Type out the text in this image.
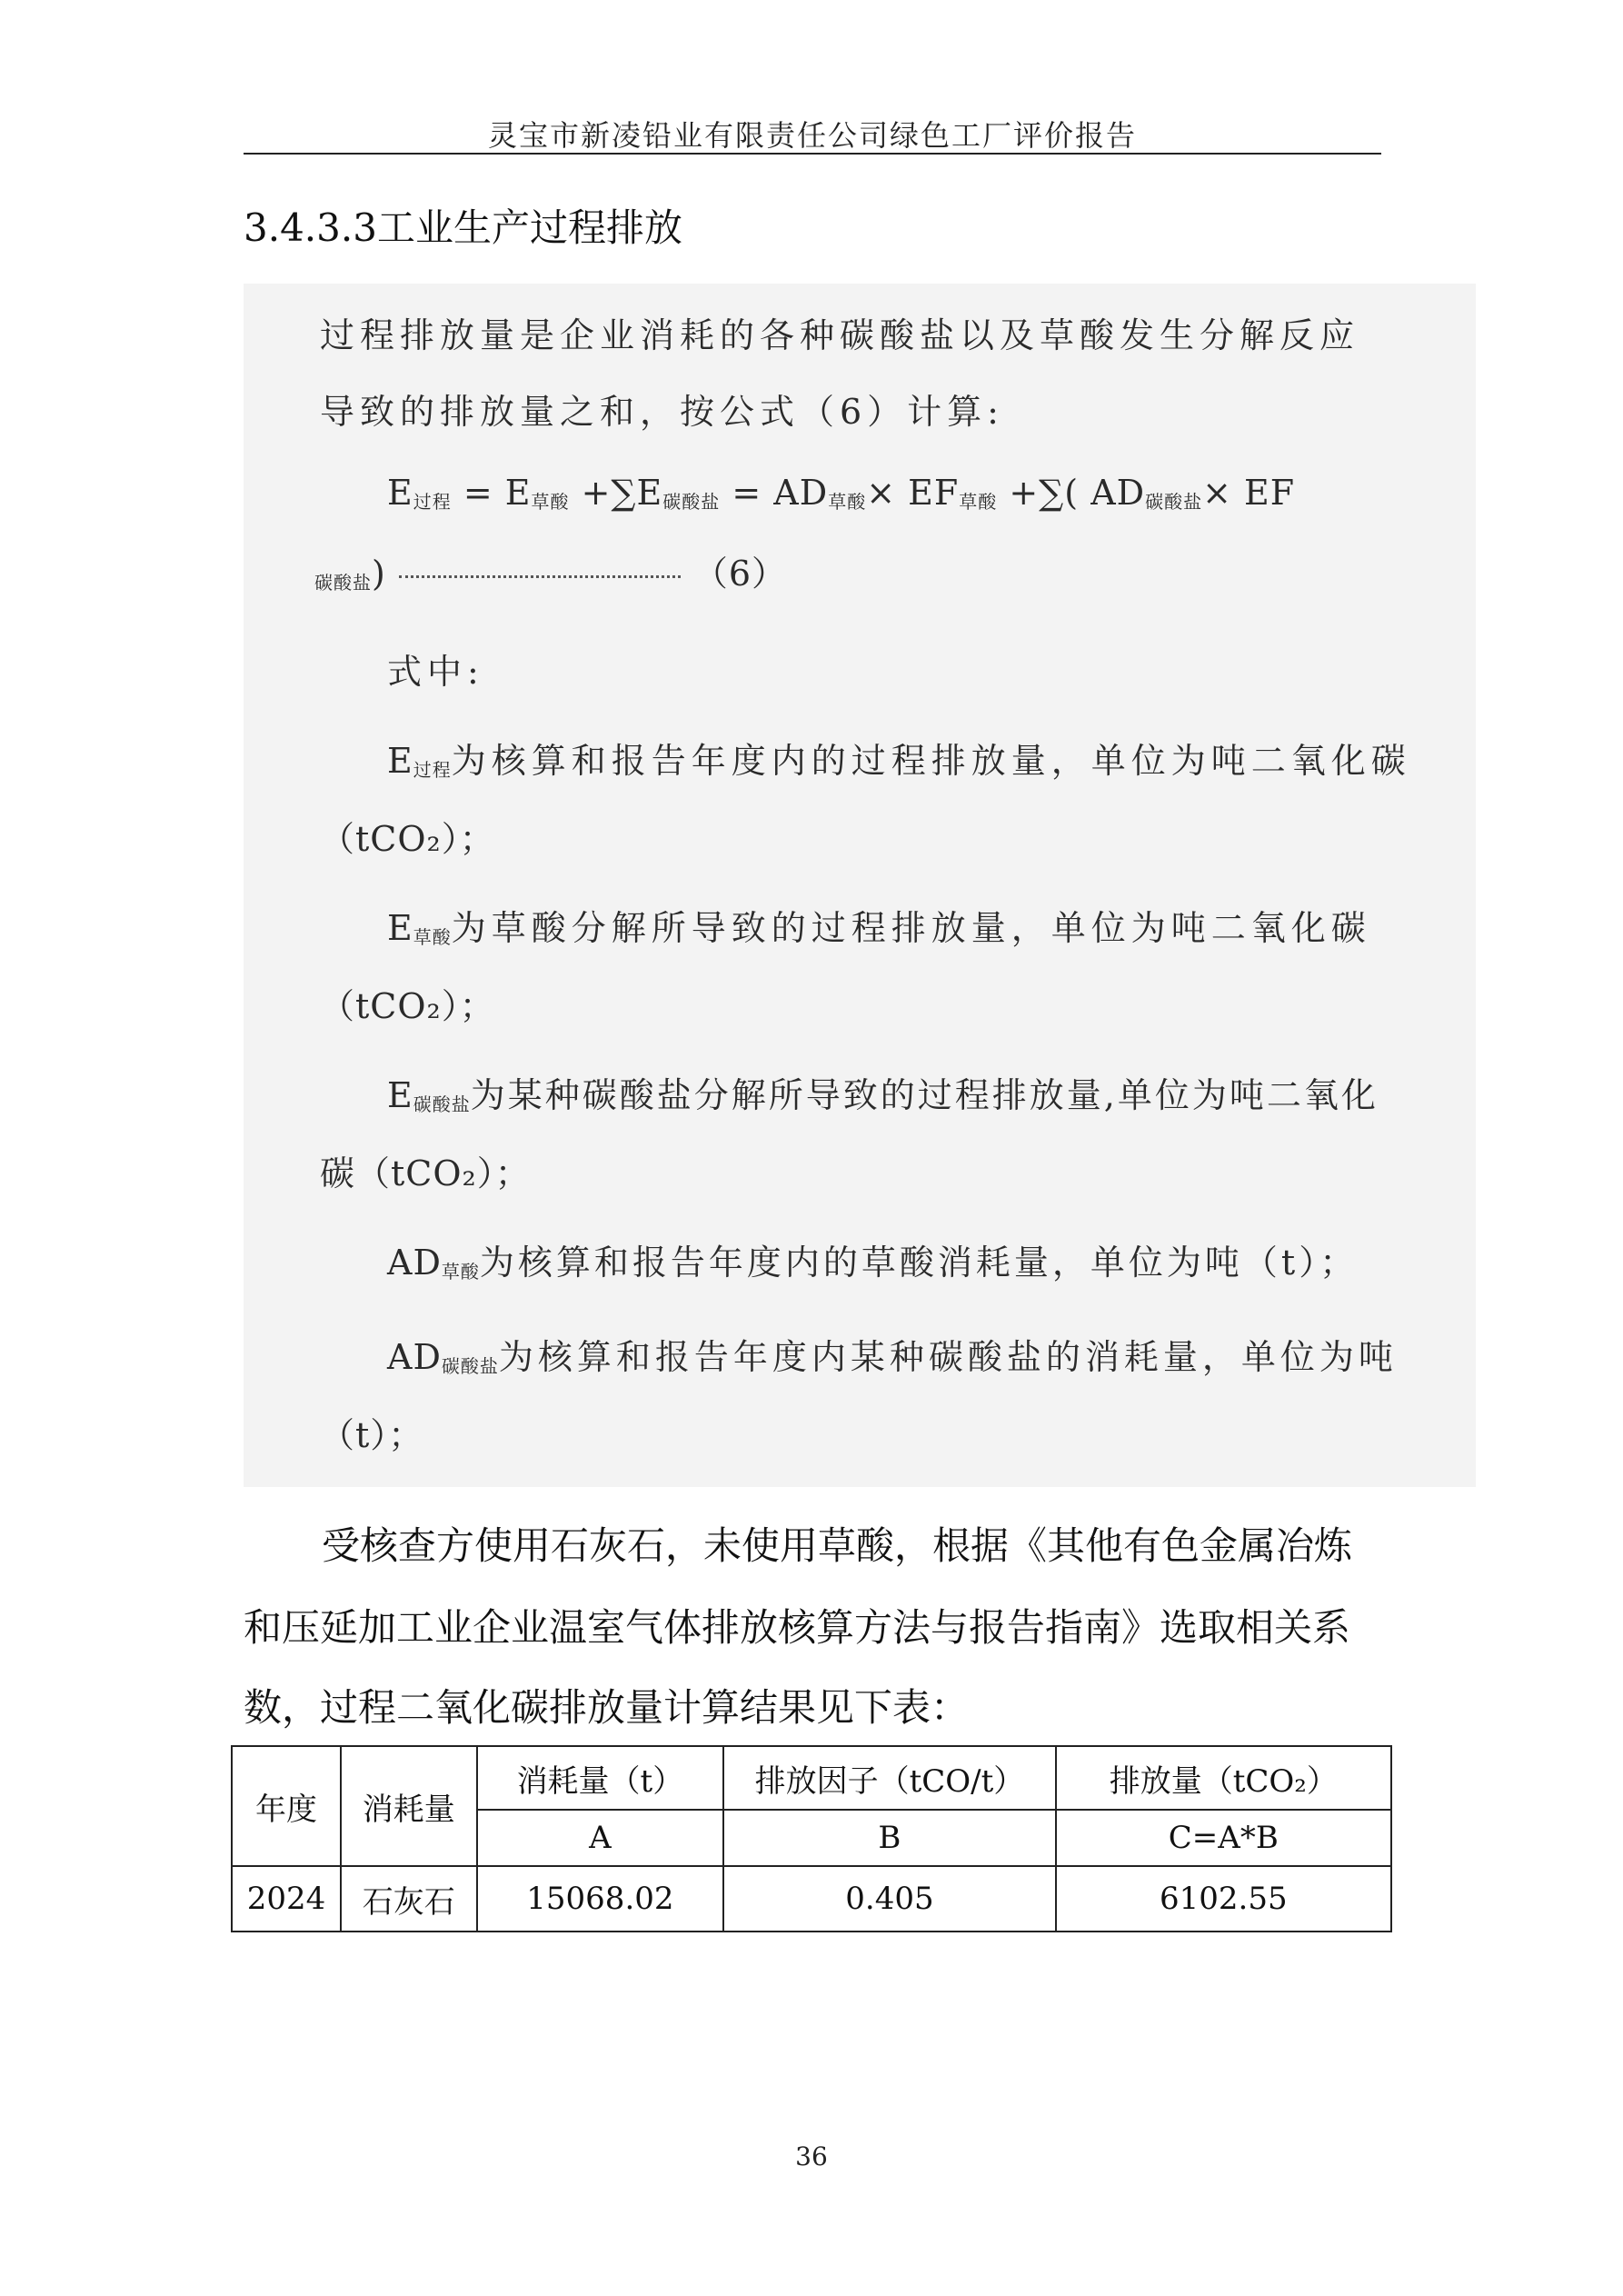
灵宝市新凌铅业有限责任公司绿色工厂评价报告
3.4.3.3工业生产过程排放
过程排放量是企业消耗的各种碳酸盐以及草酸发生分解反应
导致的排放量之和，按公式（6）计算:
$E_{过程} = E_{草酸} +\sum E_{碳酸盐} = AD_{草酸}\times EF_{草酸}$ +∑( $AD_{碳酸盐}\times$ EF
$_{碳酸盐}$)	（6）
式中:
$E_{过程}$为核算和报告年度内的过程排放量，单位为吨二氧化碳
（tCO₂）；
$E_{草酸}$为草酸分解所导致的过程排放量，单位为吨二氧化碳
（tCO₂）；
$E_{碳酸盐}$为某种碳酸盐分解所导致的过程排放量,单位为吨二氧化
碳（tCO₂）；
$AD_{草酸}$为核算和报告年度内的草酸消耗量，单位为吨（t）；
$AD_{碳酸盐}$为核算和报告年度内某种碳酸盐的消耗量，单位为吨
（t）；
受核查方使用石灰石，未使用草酸，根据《其他有色金属冶炼
和压延加工业企业温室气体排放核算方法与报告指南》选取相关系
数，过程二氧化碳排放量计算结果见下表：
年度	消耗量	消耗量（t）	排放因子（tCO/t）	排放量（tCO₂）
		A	B	C=A*B
2024	石灰石	15068.02	0.405	6102.55
36
